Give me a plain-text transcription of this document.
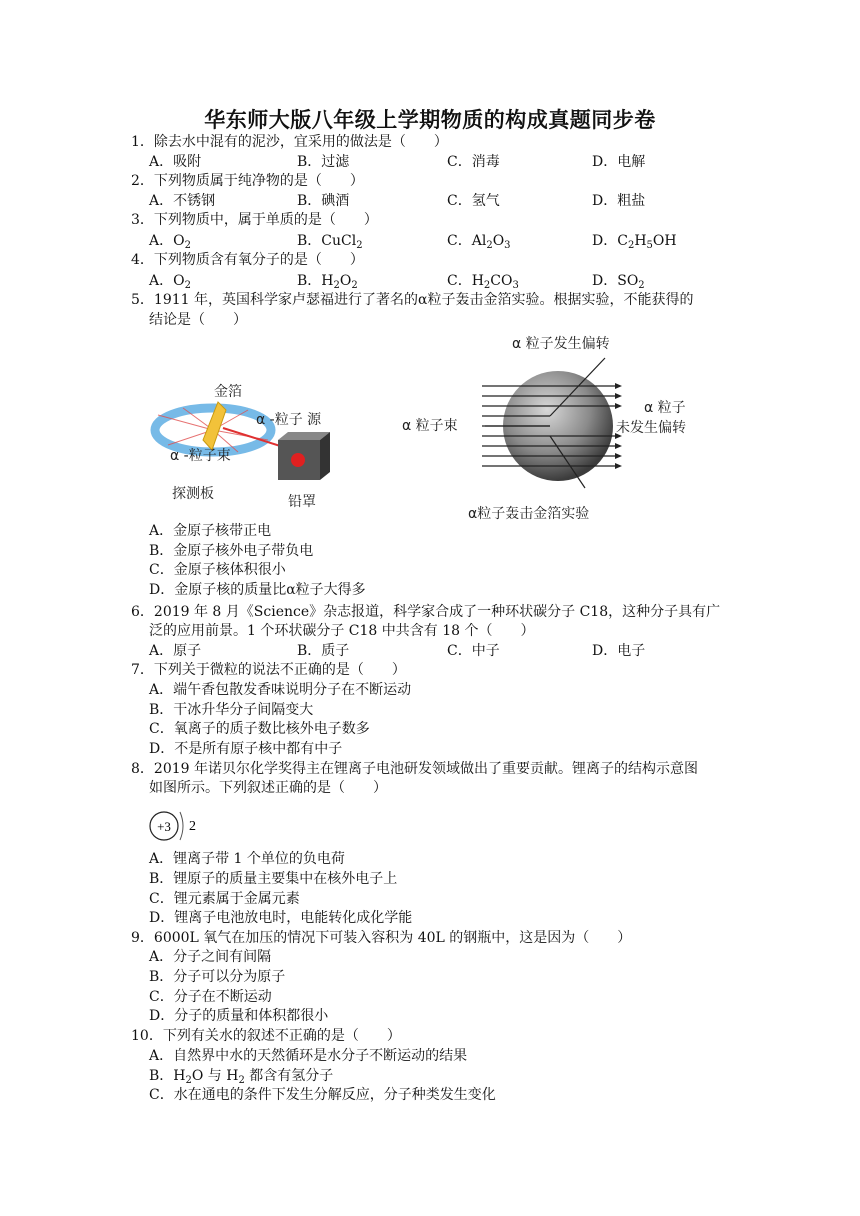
华东师大版八年级上学期物质的构成真题同步卷
1．除去水中混有的泥沙，宜采用的做法是（　　）
A．吸附	B．过滤	C．消毒	D．电解
2．下列物质属于纯净物的是（　　）
A．不锈钢	B．碘酒	C．氢气	D．粗盐
3．下列物质中，属于单质的是（　　）
A．$O_2$	B．CuCl$_2$	C．$Al_2O_3$	D．$C_2H_5OH$
4．下列物质含有氧分子的是（　　）
A．$O_2$	B．$H_2O_2$	C．$H_2CO_3$	D．$SO_2$
5．1911 年，英国科学家卢瑟福进行了著名的α粒子轰击金箔实验。根据实验，不能获得的
结论是（　　）
金箔
α -粒子 源
α -粒子束
探测板	铅罩
α 粒子发生偏转
α 粒子束
α 粒子
未发生偏转
α粒子轰击金箔实验
A．金原子核带正电
B．金原子核外电子带负电
C．金原子核体积很小
D．金原子核的质量比α粒子大得多
6．2019 年 8 月《Science》杂志报道，科学家合成了一种环状碳分子 C18，这种分子具有广
泛的应用前景。1 个环状碳分子 C18 中共含有 18 个（　　）
A．原子	B．质子	C．中子	D．电子
7．下列关于微粒的说法不正确的是（　　）
A．端午香包散发香味说明分子在不断运动
B．干冰升华分子间隔变大
C．氧离子的质子数比核外电子数多
D．不是所有原子核中都有中子
8．2019 年诺贝尔化学奖得主在锂离子电池研发领域做出了重要贡献。锂离子的结构示意图
如图所示。下列叙述正确的是（　　）
+3 2
A．锂离子带 1 个单位的负电荷
B．锂原子的质量主要集中在核外电子上
C．锂元素属于金属元素
D．锂离子电池放电时，电能转化成化学能
9．6000L 氧气在加压的情况下可装入容积为 40L 的钢瓶中，这是因为（　　）
A．分子之间有间隔
B．分子可以分为原子
C．分子在不断运动
D．分子的质量和体积都很小
10．下列有关水的叙述不正确的是（　　）
A．自然界中水的天然循环是水分子不断运动的结果
B．$H_2O$ 与 $H_2$ 都含有氢分子
C．水在通电的条件下发生分解反应，分子种类发生变化
